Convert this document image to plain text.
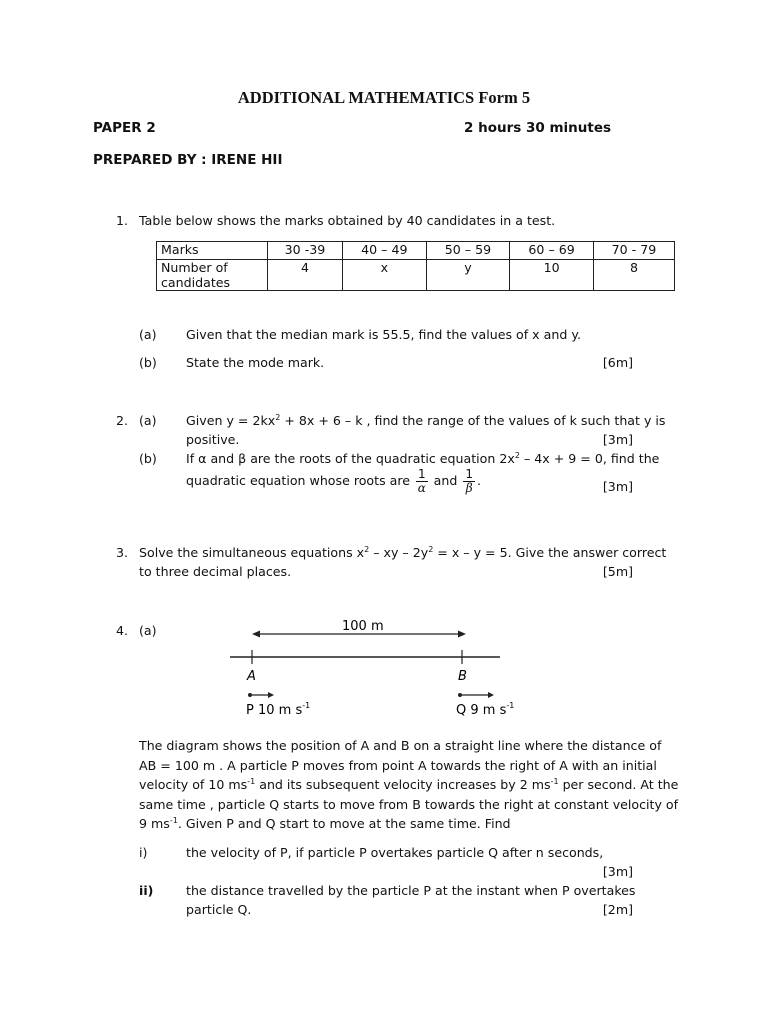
ADDITIONAL MATHEMATICS Form 5
PAPER 2	2 hours 30 minutes
PREPARED BY : IRENE HII
1. Table below shows the marks obtained by 40 candidates in a test.
Marks	30 -39	40 – 49	50 – 59	60 – 69	70 - 79

Number of
candidates	4	x	y	10	8
(a) Given that the median mark is 55.5, find the values of x and y.
(b) State the mode mark.	[6m]
2. (a) Given $y = 2kx^2 + 8x + 6 - k$ , find the range of the values of k such that y is
positive.	[3m]
(b) If α and β are the roots of the quadratic equation $2x^2 - 4x + 9 = 0$, find the
quadratic equation whose roots are $\frac{1}{\alpha}$ and $\frac{1}{\beta}$ .	[3m]
3. Solve the simultaneous equations $x^2$ – xy – $2y^2 = x - y = 5$. Give the answer correct
to three decimal places.	[5m]
4. (a)	100 m
A	B
P 10 m $s^{-1}$	Q 9 m $s^{-1}$
The diagram shows the position of A and B on a straight line where the distance of
AB = 100 m . A particle P moves from point A towards the right of A with an initial
velocity of 10 $ms^{-1}$ and its subsequent velocity increases by 2 $ms^{-1}$ per second. At the
same time , particle Q starts to move from B towards the right at constant velocity of
9 $ms^{-1}$. Given P and Q start to move at the same time. Find
i)	the velocity of P, if particle P overtakes particle Q after n seconds,
[3m]
ii)	the distance travelled by the particle P at the instant when P overtakes
particle Q.	[2m]
